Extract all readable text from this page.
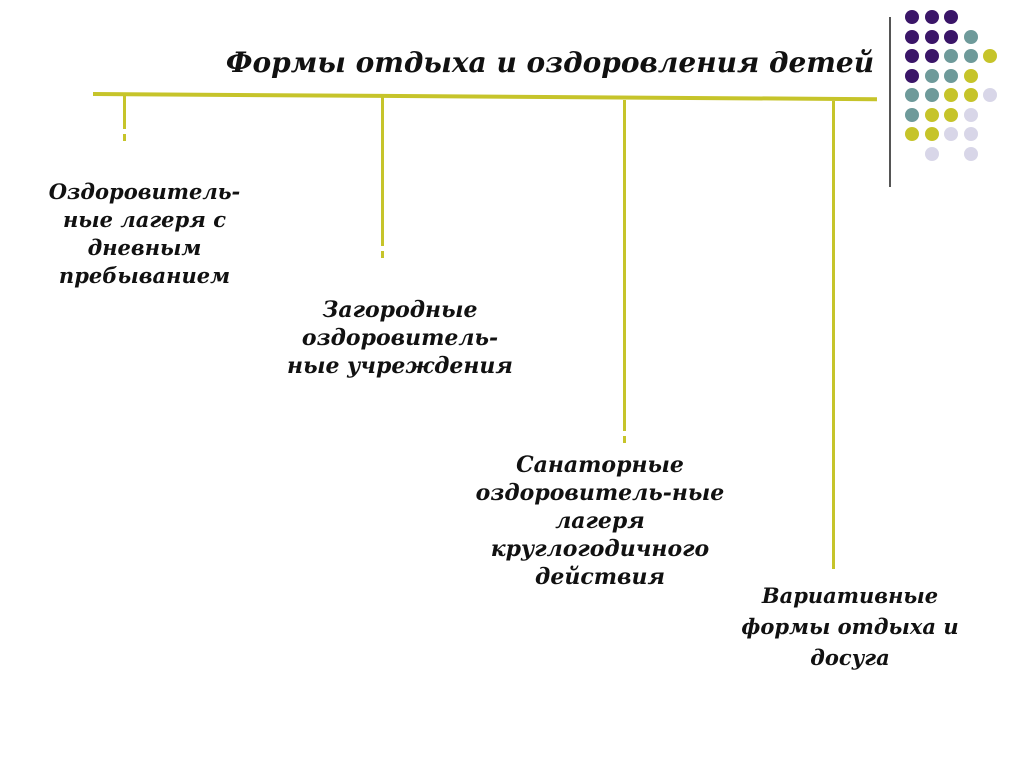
Формы отдыха и оздоровления детей
Оздоровитель-ные лагеря с дневным пребыванием
Загородные оздоровитель-ные учреждения
Санаторные оздоровитель-ные лагеря круглогодичного действия
Вариативные формы отдыха и досуга
